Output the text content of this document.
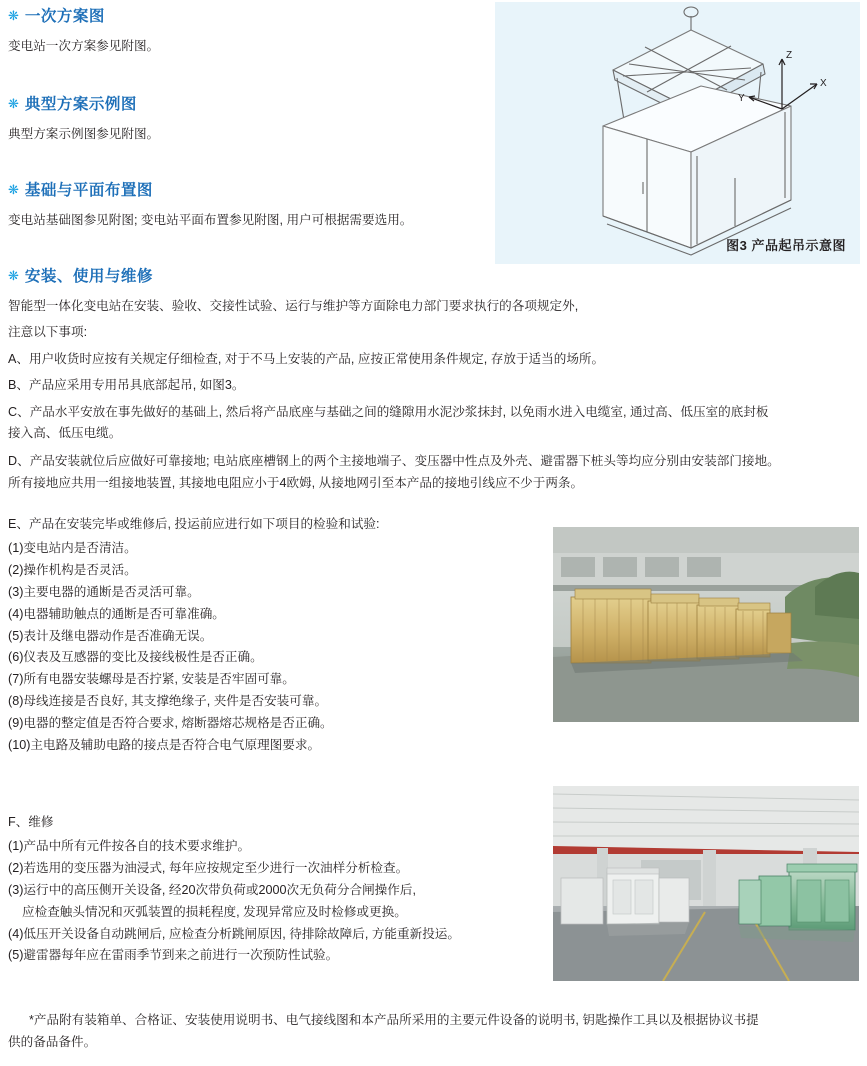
❋ 一次方案图

变电站一次方案参见附图。

❋ 典型方案示例图

典型方案示例图参见附图。

❋ 基础与平面布置图

变电站基础图参见附图; 变电站平面布置参见附图, 用户可根据需要选用。

❋ 安装、使用与维修

智能型一体化变电站在安装、验收、交接性试验、运行与维护等方面除电力部门要求执行的各项规定外,

注意以下事项:

A、用户收货时应按有关规定仔细检查, 对于不马上安装的产品, 应按正常使用条件规定, 存放于适当的场所。

B、产品应采用专用吊具底部起吊, 如图3。

C、产品水平安放在事先做好的基础上, 然后将产品底座与基础之间的缝隙用水泥沙浆抹封, 以免雨水进入电缆室, 通过高、低压室的底封板

接入高、低压电缆。

D、产品安装就位后应做好可靠接地; 电站底座槽钢上的两个主接地端子、变压器中性点及外壳、避雷器下桩头等均应分别由安装部门接地。

所有接地应共用一组接地装置, 其接地电阻应小于4欧姆, 从接地网引至本产品的接地引线应不少于两条。

Z
X
Y
图3 产品起吊示意图

E、产品在安装完毕或维修后, 投运前应进行如下项目的检验和试验:

(1)变电站内是否清洁。

(2)操作机构是否灵活。

(3)主要电器的通断是否灵活可靠。

(4)电器辅助触点的通断是否可靠准确。

(5)表计及继电器动作是否准确无误。

(6)仪表及互感器的变比及接线极性是否正确。

(7)所有电器安装螺母是否拧紧, 安装是否牢固可靠。

(8)母线连接是否良好, 其支撑绝缘子, 夹件是否安装可靠。

(9)电器的整定值是否符合要求, 熔断器熔芯规格是否正确。

(10)主电路及辅助电路的接点是否符合电气原理图要求。

F、维修

(1)产品中所有元件按各自的技术要求维护。

(2)若选用的变压器为油浸式, 每年应按规定至少进行一次油样分析检查。

(3)运行中的高压侧开关设备, 经20次带负荷或2000次无负荷分合闸操作后,

应检查触头情况和灭弧装置的损耗程度, 发现异常应及时检修或更换。

(4)低压开关设备自动跳闸后, 应检查分析跳闸原因, 待排除故障后, 方能重新投运。

(5)避雷器每年应在雷雨季节到来之前进行一次预防性试验。

*产品附有装箱单、合格证、安装使用说明书、电气接线图和本产品所采用的主要元件设备的说明书, 钥匙操作工具以及根据协议书提

供的备品备件。
